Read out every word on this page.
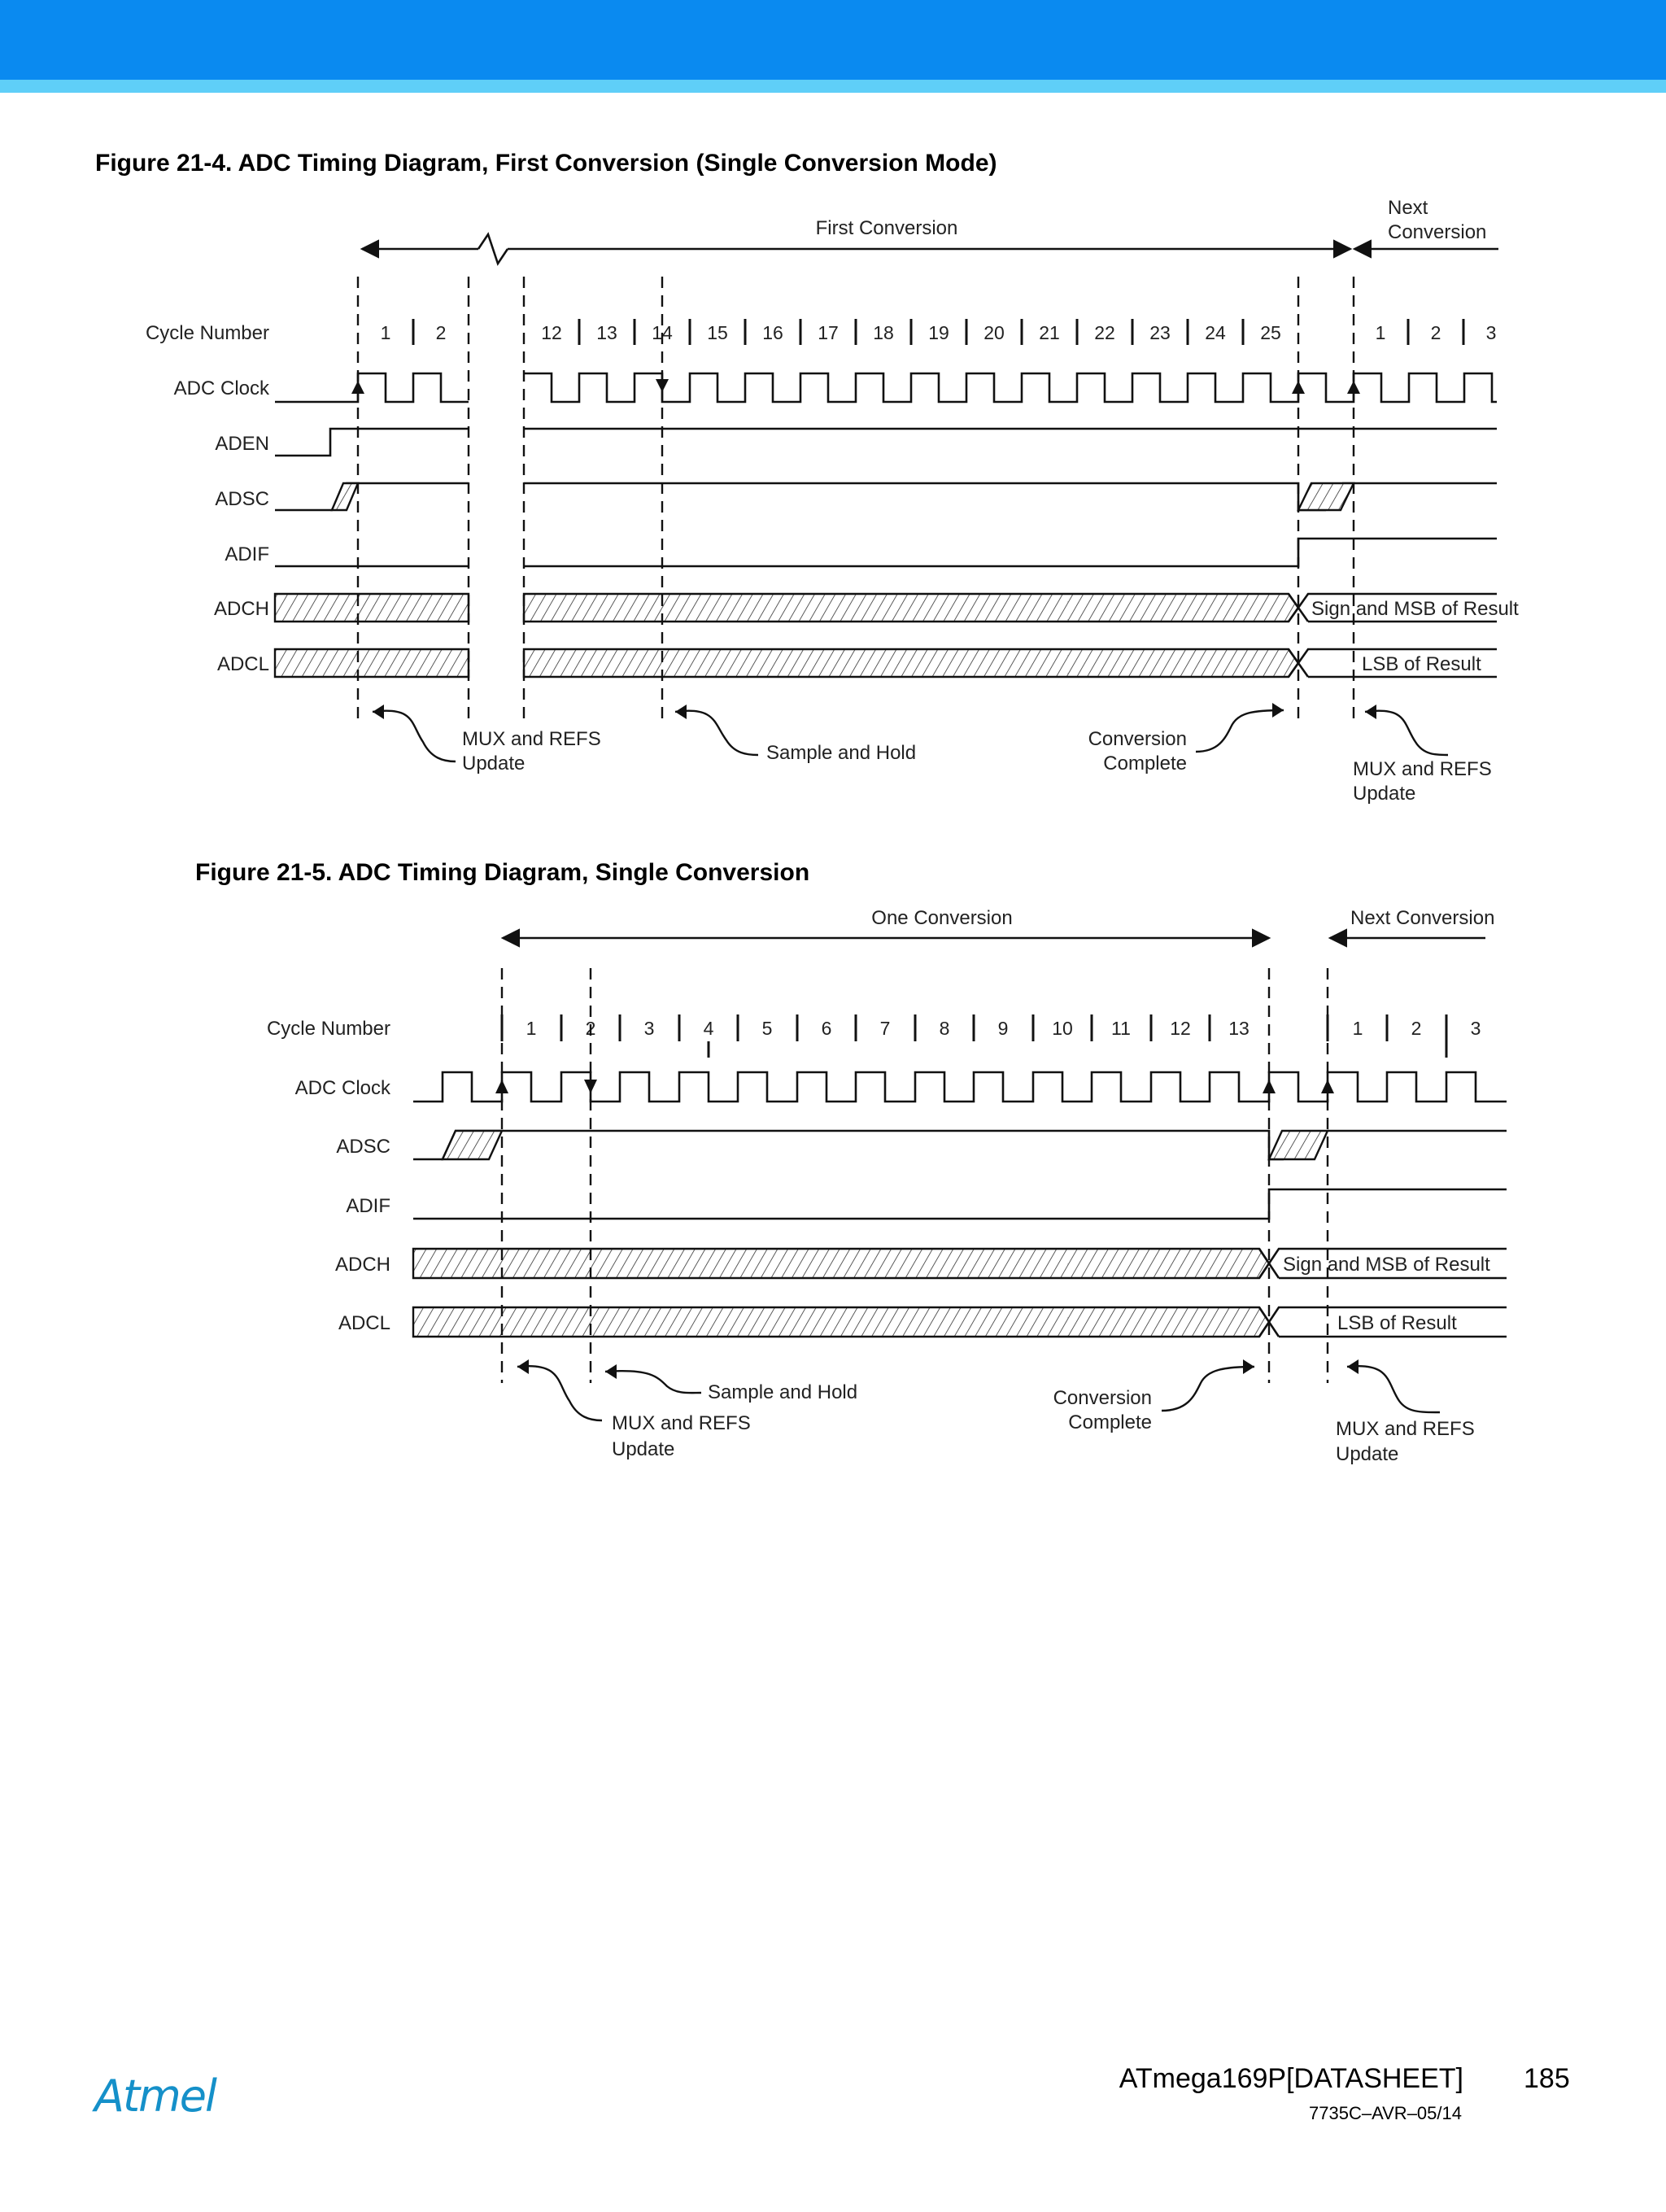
Figure 21-4. ADC Timing Diagram, First Conversion (Single Conversion Mode)
Figure 21-5. ADC Timing Diagram, Single Conversion
First Conversion
Next
Conversion
Cycle Number
ADC Clock
ADEN
ADSC
ADIF
ADCH
ADCL
1 2	12 13 14 15 16 17 18 19 20 21 22 23 24 25	1 2 3
Sign and MSB of Result
LSB of Result
MUX and REFS
Update	Sample and Hold
Conversion
Complete	MUX and REFS
Update
One Conversion	Next Conversion
Cycle Number
ADC Clock
ADSC
ADIF
ADCH
ADCL
1	2	3	4	5	6	7	8	9 10 11 12 13	1	2	3
Sign and MSB of Result
LSB of Result
MUX and REFS
Update
Sample and Hold	Conversion
Complete	MUX and REFS
Update
Atmel	ATmega169P[DATASHEET] 185
7735C–AVR–05/14
